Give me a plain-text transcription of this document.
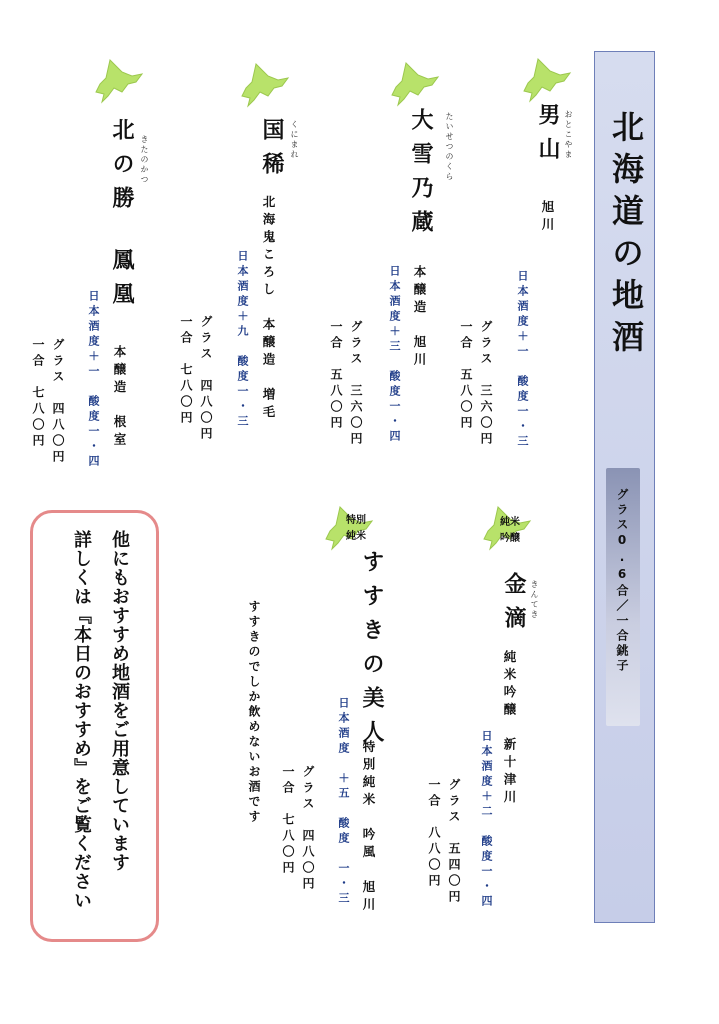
北海道の地酒
グラス0.6合／一合銚子
男山 おとこやま
旭川
日本酒度＋一　酸度一・三
グラス　三六〇円
一合　五八〇円
大雪乃蔵	たいせつのくら
本醸造　旭川
日本酒度＋三　酸度一・四
グラス　三六〇円
一合　五八〇円
国稀 くにまれ
北海鬼ころし　本醸造　増毛
日本酒度＋九　酸度一・三
グラス　四八〇円
一合　七八〇円
北の勝 きたのかつ
鳳凰
本醸造　根室
日本酒度＋一　酸度一・四
グラス　四八〇円
一合　七八〇円
純米
吟醸
金滴 きんてき
純米吟醸　新十津川
日本酒度＋二　酸度一・四
グラス　五四〇円
一合　八八〇円
特別
純米
すすきの美人
特別純米　吟風　旭川
日本酒度　＋五　酸度　一・三
グラス　四八〇円
一合　七八〇円
すすきのでしか飲めないお酒です
他にもおすすめ地酒をご用意しています
詳しくは『本日のおすすめ』をご覧ください
